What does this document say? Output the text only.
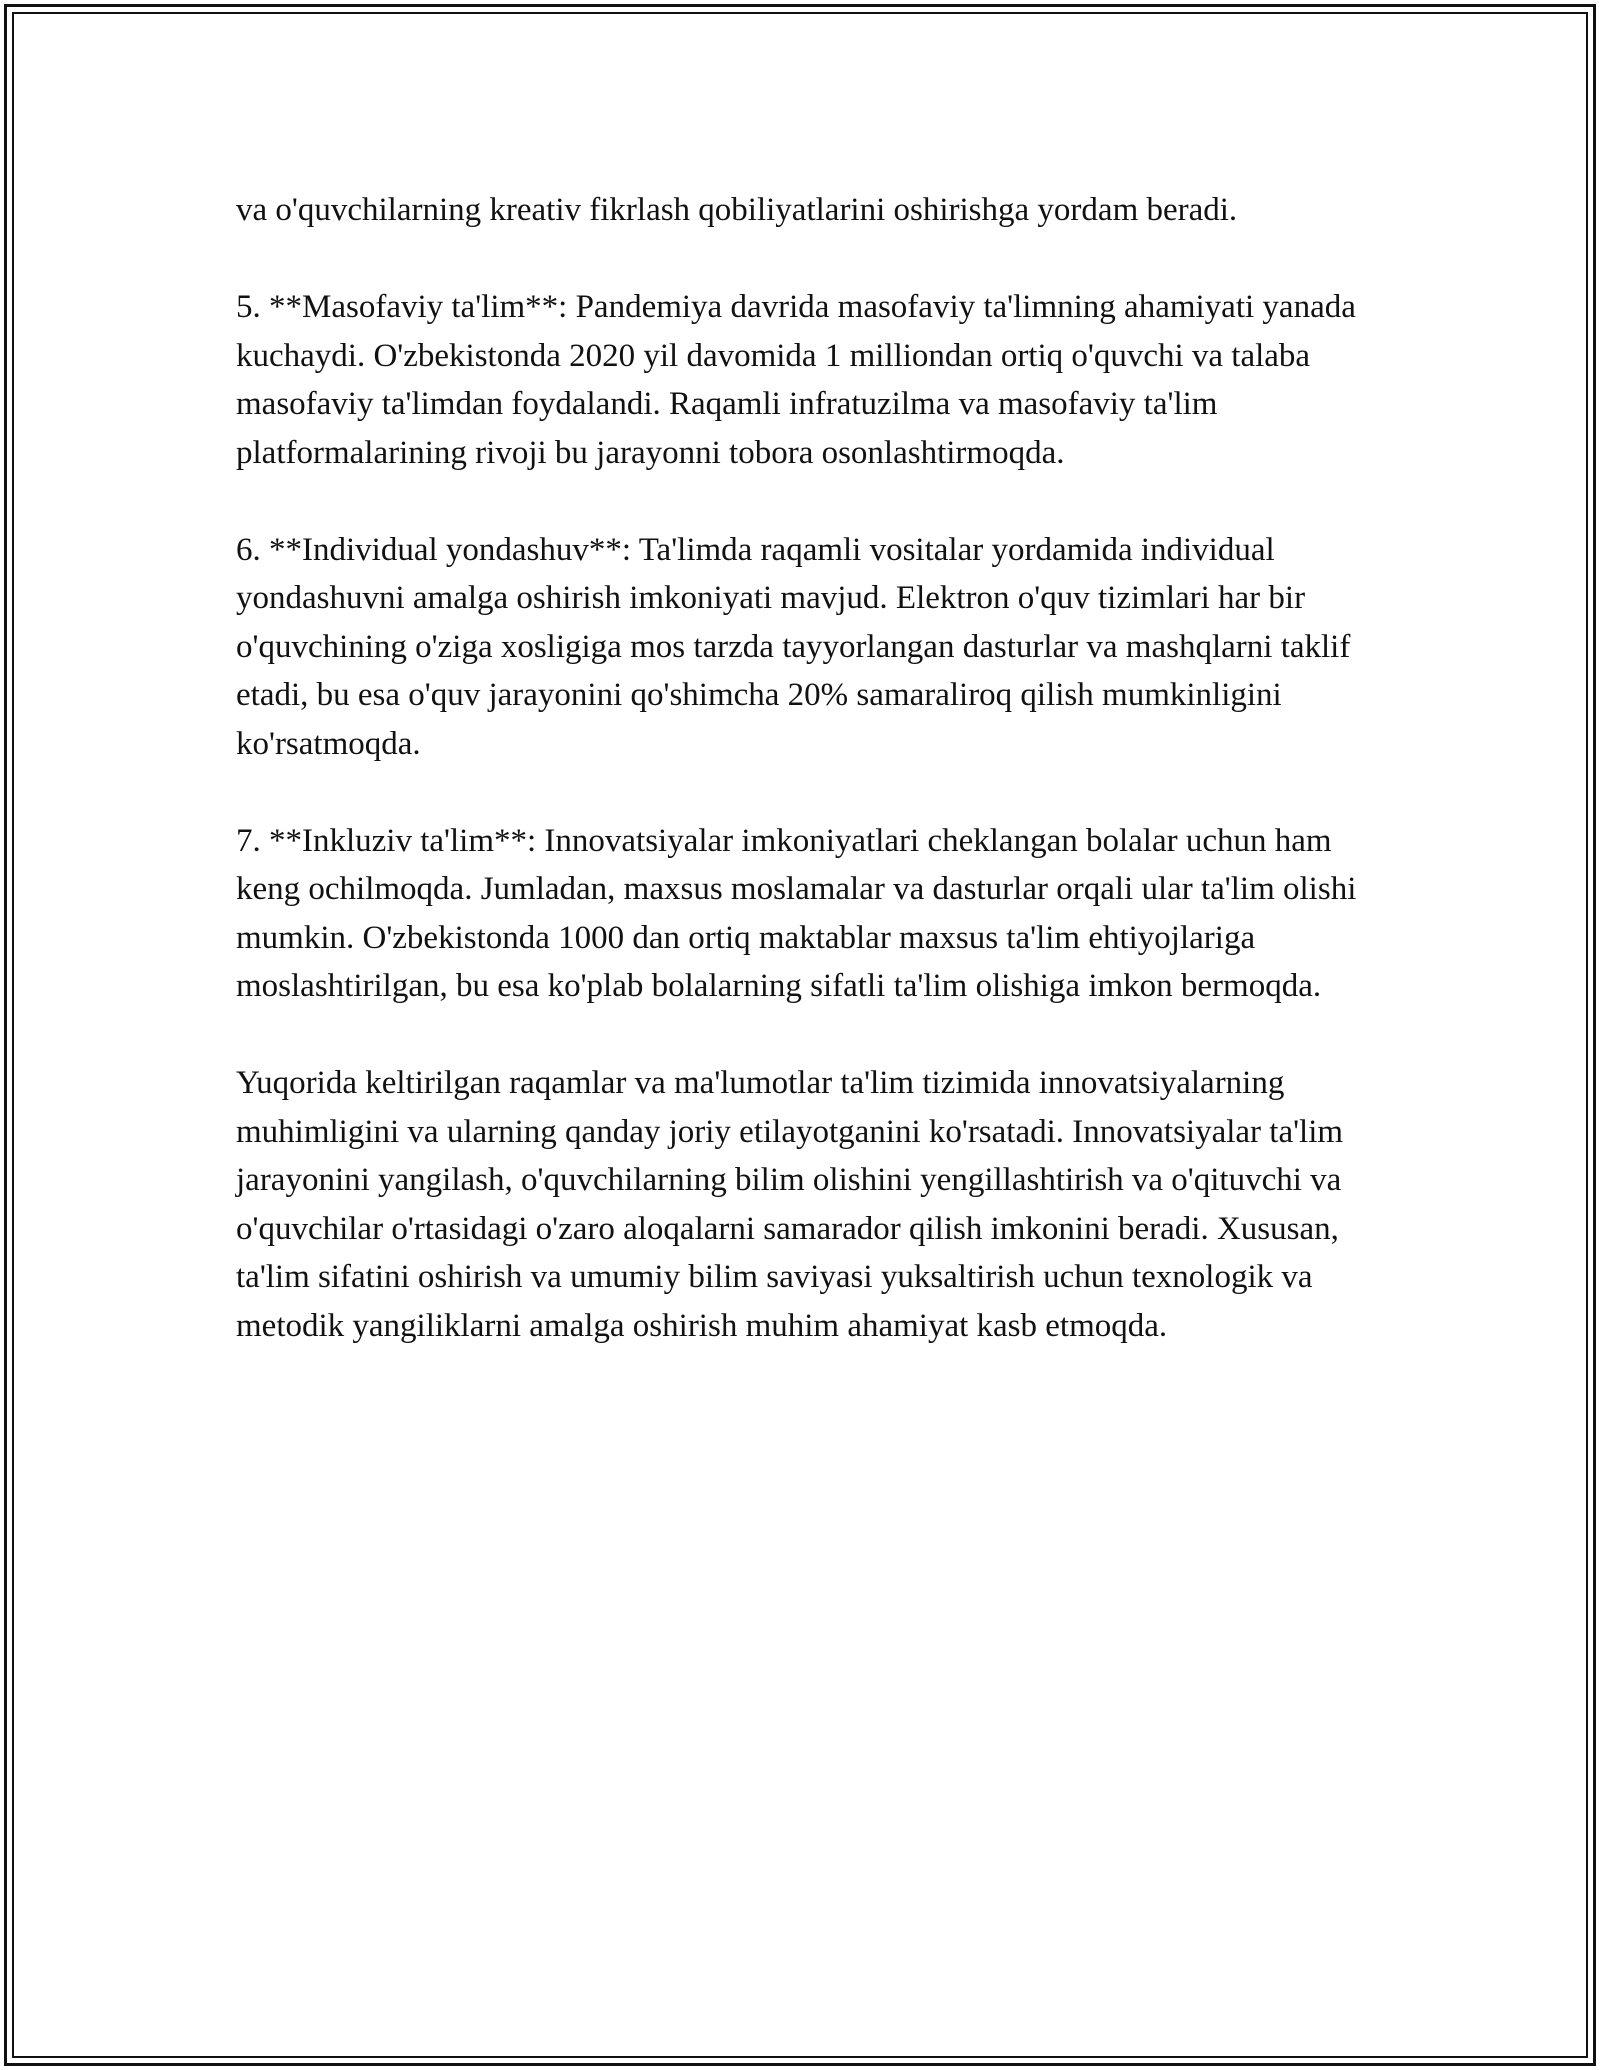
va o'quvchilarning kreativ fikrlash qobiliyatlarini oshirishga yordam beradi.

5. **Masofaviy ta'lim**: Pandemiya davrida masofaviy ta'limning ahamiyati yanada kuchaydi. O'zbekistonda 2020 yil davomida 1 milliondan ortiq o'quvchi va talaba masofaviy ta'limdan foydalandi. Raqamli infratuzilma va masofaviy ta'lim platformalarining rivoji bu jarayonni tobora osonlashtirmoqda.

6. **Individual yondashuv**: Ta'limda raqamli vositalar yordamida individual yondashuvni amalga oshirish imkoniyati mavjud. Elektron o'quv tizimlari har bir o'quvchining o'ziga xosligiga mos tarzda tayyorlangan dasturlar va mashqlarni taklif etadi, bu esa o'quv jarayonini qo'shimcha 20% samaraliroq qilish mumkinligini ko'rsatmoqda.

7. **Inkluziv ta'lim**: Innovatsiyalar imkoniyatlari cheklangan bolalar uchun ham keng ochilmoqda. Jumladan, maxsus moslamalar va dasturlar orqali ular ta'lim olishi mumkin. O'zbekistonda 1000 dan ortiq maktablar maxsus ta'lim ehtiyojlariga moslashtirilgan, bu esa ko'plab bolalarning sifatli ta'lim olishiga imkon bermoqda.

Yuqorida keltirilgan raqamlar va ma'lumotlar ta'lim tizimida innovatsiyalarning muhimligini va ularning qanday joriy etilayotganini ko'rsatadi. Innovatsiyalar ta'lim jarayonini yangilash, o'quvchilarning bilim olishini yengillashtirish va o'qituvchi va o'quvchilar o'rtasidagi o'zaro aloqalarni samarador qilish imkonini beradi. Xususan, ta'lim sifatini oshirish va umumiy bilim saviyasi yuksaltirish uchun texnologik va metodik yangiliklarni amalga oshirish muhim ahamiyat kasb etmoqda.
